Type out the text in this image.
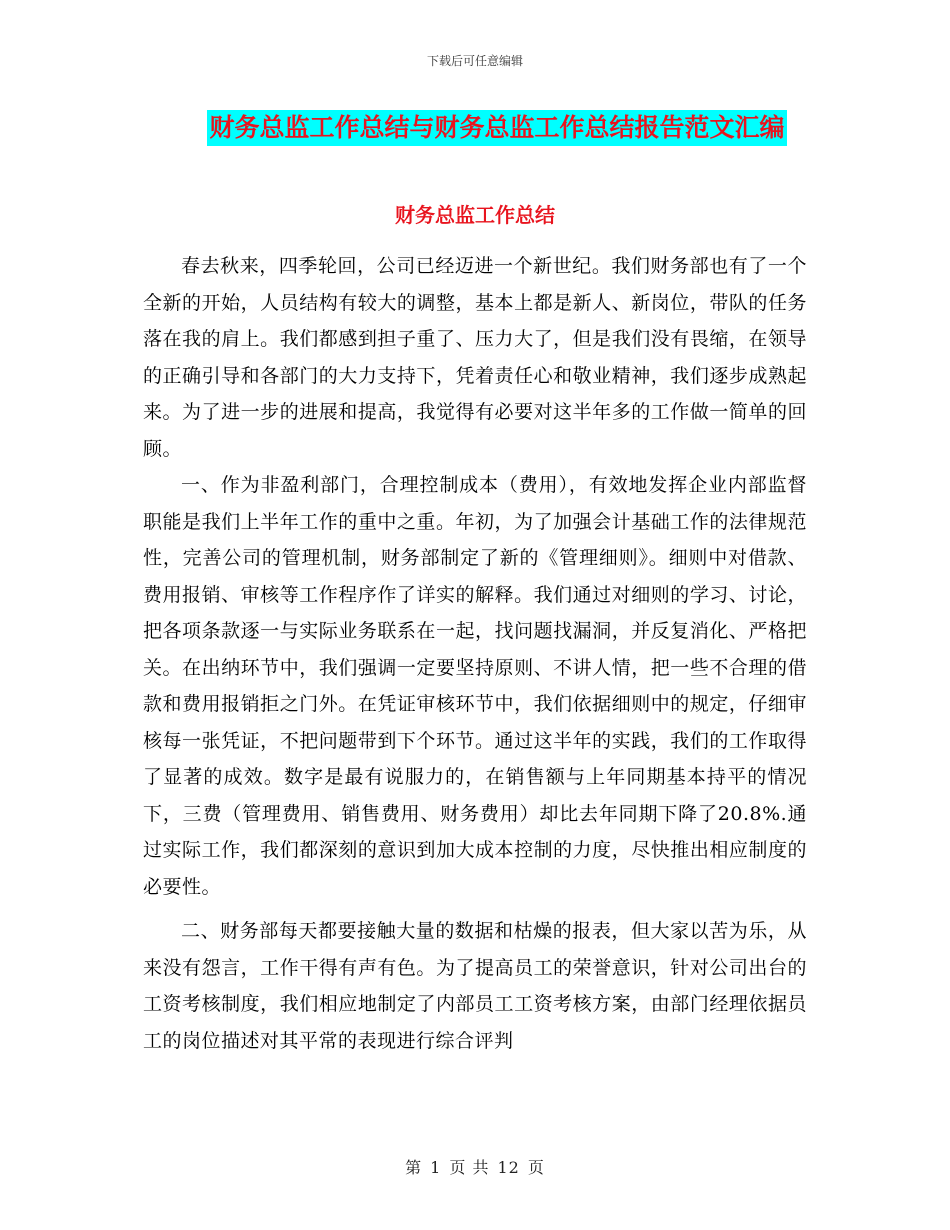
下载后可任意编辑
财务总监工作总结与财务总监工作总结报告范文汇编
财务总监工作总结

春去秋来，四季轮回，公司已经迈进一个新世纪。我们财务部也有了一个全新的开始，人员结构有较大的调整，基本上都是新人、新岗位，带队的任务落在我的肩上。我们都感到担子重了、压力大了，但是我们没有畏缩，在领导的正确引导和各部门的大力支持下，凭着责任心和敬业精神，我们逐步成熟起来。为了进一步的进展和提高，我觉得有必要对这半年多的工作做一简单的回顾。

一、作为非盈利部门，合理控制成本（费用），有效地发挥企业内部监督职能是我们上半年工作的重中之重。年初，为了加强会计基础工作的法律规范性，完善公司的管理机制，财务部制定了新的《管理细则》。细则中对借款、费用报销、审核等工作程序作了详实的解释。我们通过对细则的学习、讨论，把各项条款逐一与实际业务联系在一起，找问题找漏洞，并反复消化、严格把关。在出纳环节中，我们强调一定要坚持原则、不讲人情，把一些不合理的借款和费用报销拒之门外。在凭证审核环节中，我们依据细则中的规定，仔细审核每一张凭证，不把问题带到下个环节。通过这半年的实践，我们的工作取得了显著的成效。数字是最有说服力的，在销售额与上年同期基本持平的情况下，三费（管理费用、销售费用、财务费用）却比去年同期下降了20.8%.通过实际工作，我们都深刻的意识到加大成本控制的力度，尽快推出相应制度的必要性。

二、财务部每天都要接触大量的数据和枯燥的报表，但大家以苦为乐，从来没有怨言，工作干得有声有色。为了提高员工的荣誉意识，针对公司出台的工资考核制度，我们相应地制定了内部员工工资考核方案，由部门经理依据员工的岗位描述对其平常的表现进行综合评判

第 1 页 共 12 页
